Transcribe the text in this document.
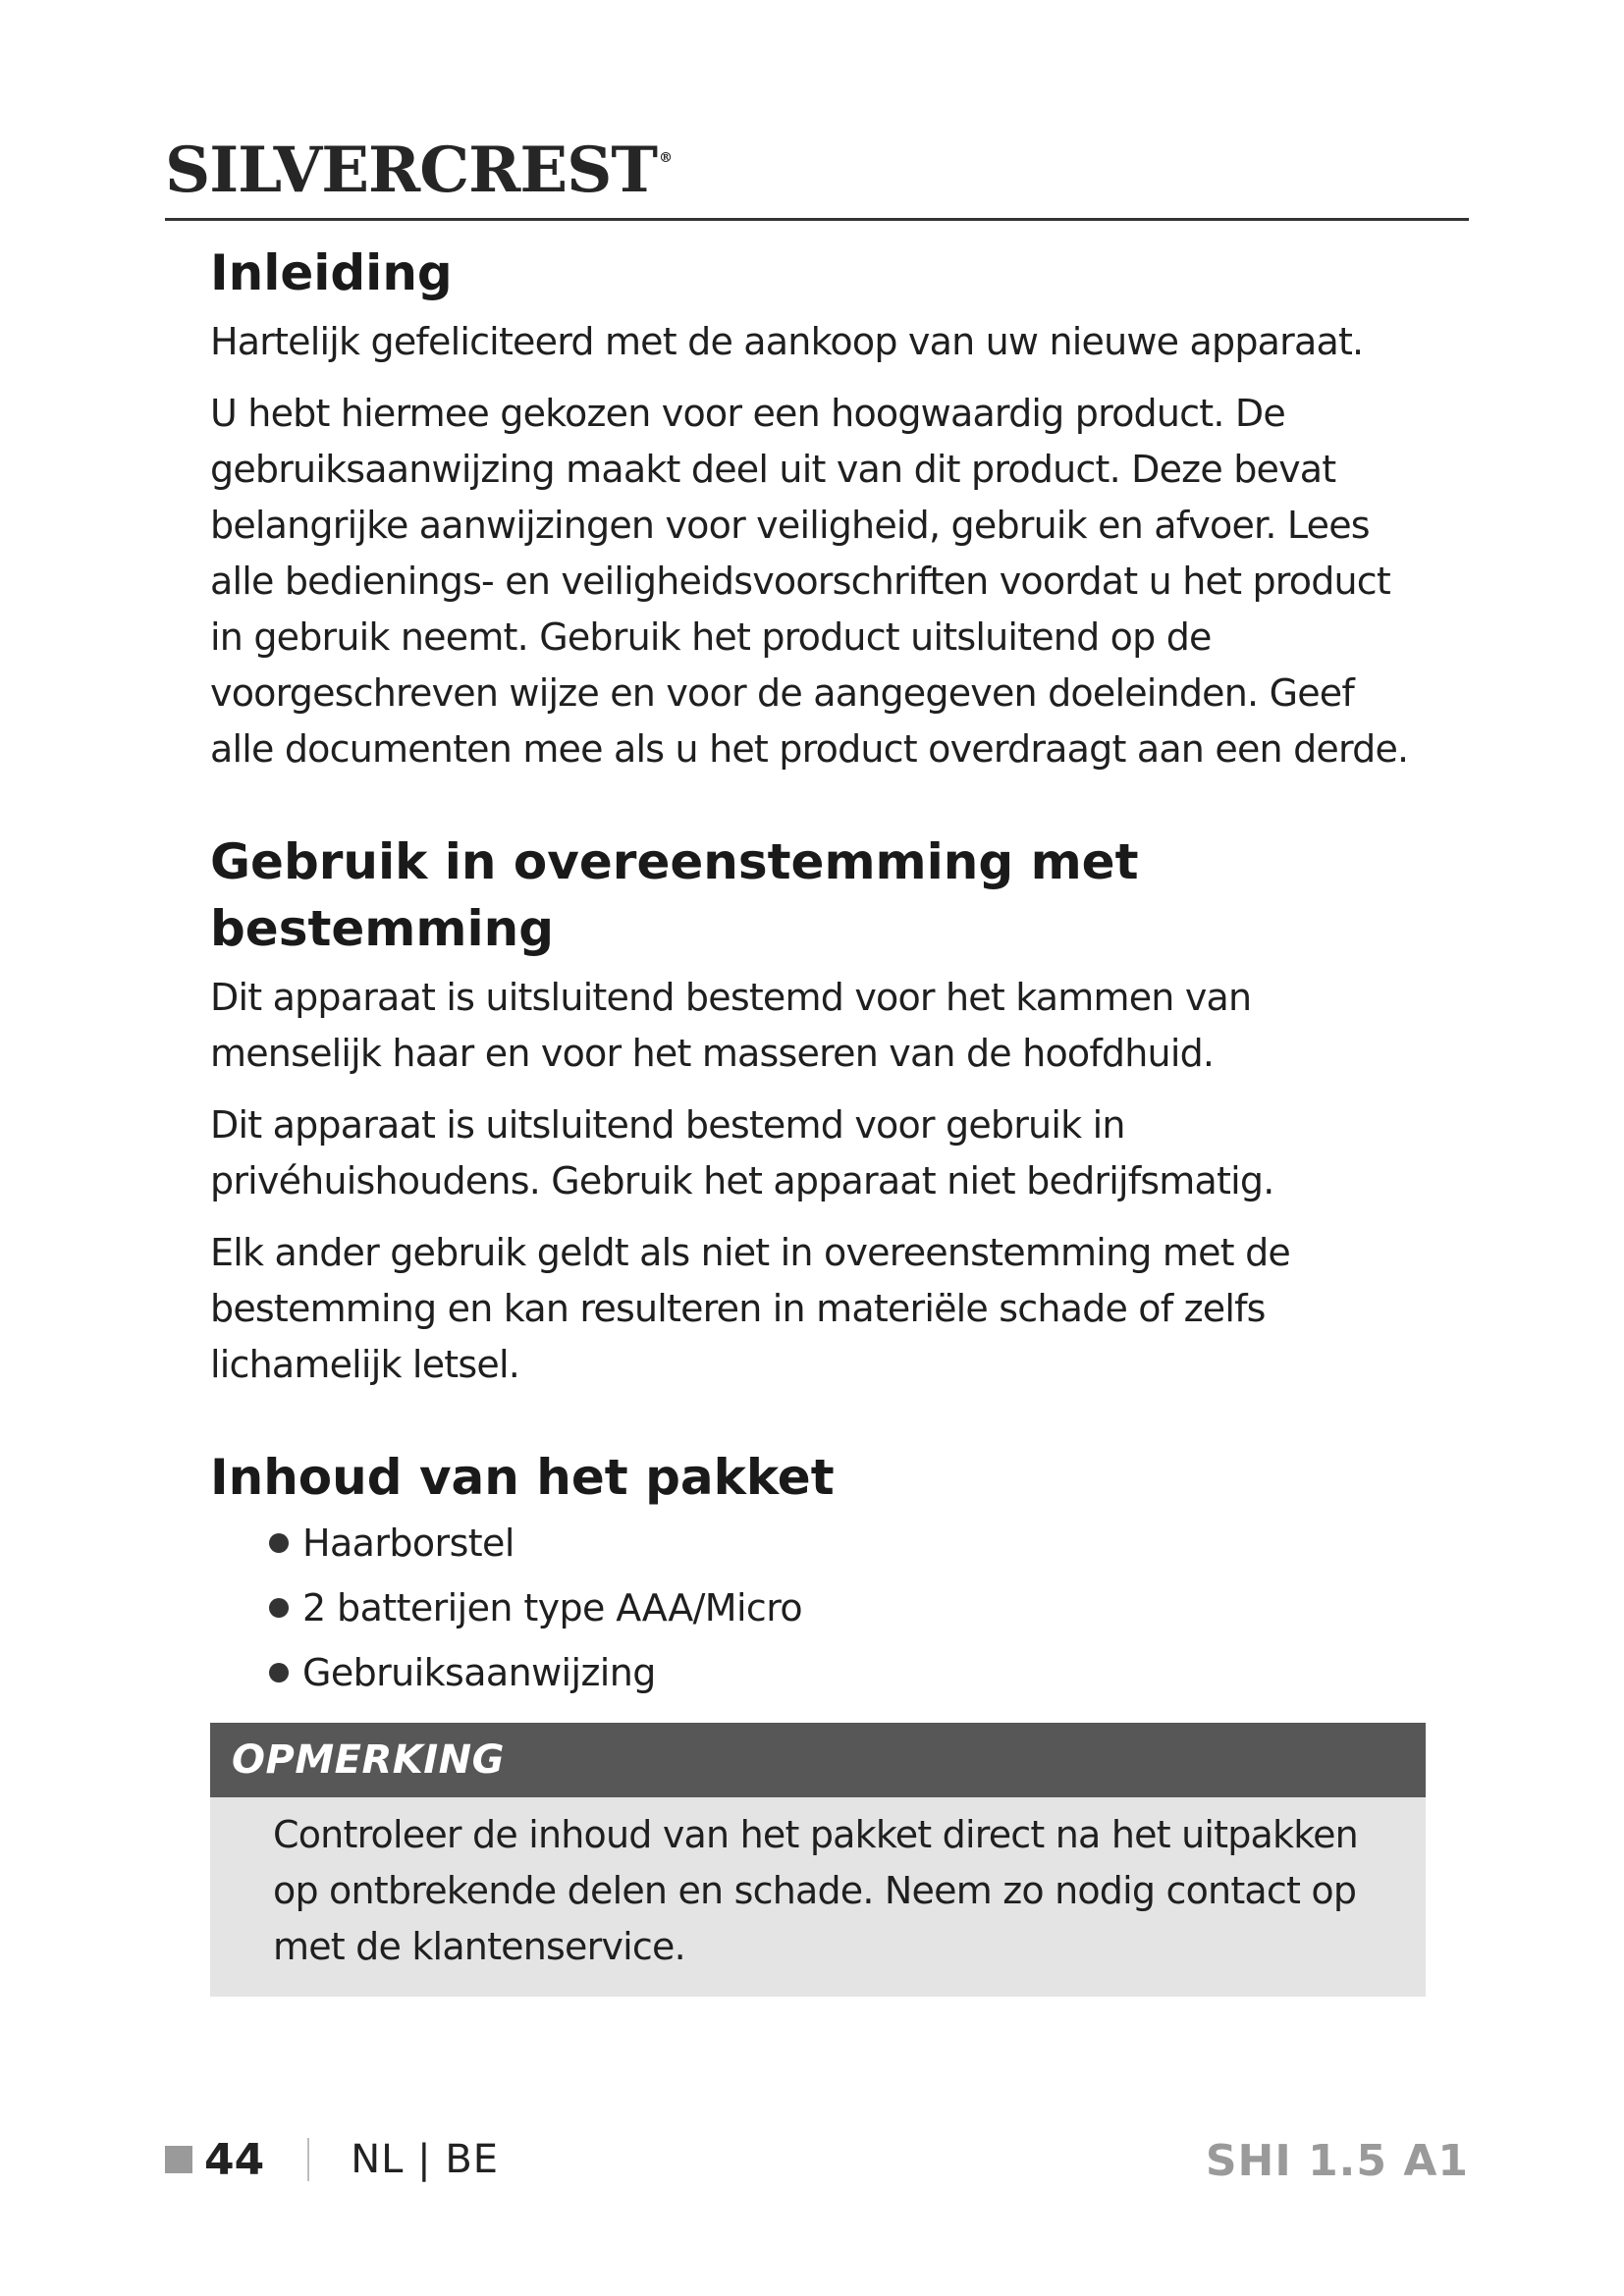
SILVERCREST ®
Inleiding

Hartelijk gefeliciteerd met de aankoop van uw nieuwe apparaat.

U hebt hiermee gekozen voor een hoogwaardig product. De gebruiksaanwijzing maakt deel uit van dit product. Deze bevat belangrijke aanwijzingen voor veiligheid, gebruik en afvoer. Lees alle bedienings- en veiligheidsvoorschriften voordat u het product in gebruik neemt. Gebruik het product uitsluitend op de voorgeschreven wijze en voor de aangegeven doeleinden. Geef alle documenten mee als u het product overdraagt aan een derde.

Gebruik in overeenstemming met bestemming

Dit apparaat is uitsluitend bestemd voor het kammen van menselijk haar en voor het masseren van de hoofdhuid.

Dit apparaat is uitsluitend bestemd voor gebruik in privéhuishoudens. Gebruik het apparaat niet bedrijfsmatig.

Elk ander gebruik geldt als niet in overeenstemming met de bestemming en kan resulteren in materiële schade of zelfs lichamelijk letsel.

Inhoud van het pakket
Haarborstel
2 batterijen type AAA/Micro
Gebruiksaanwijzing
OPMERKING
Controleer de inhoud van het pakket direct na het uitpakken op ontbrekende delen en schade. Neem zo nodig contact op met de klantenservice.
44 NL | BE	SHI 1.5 A1
